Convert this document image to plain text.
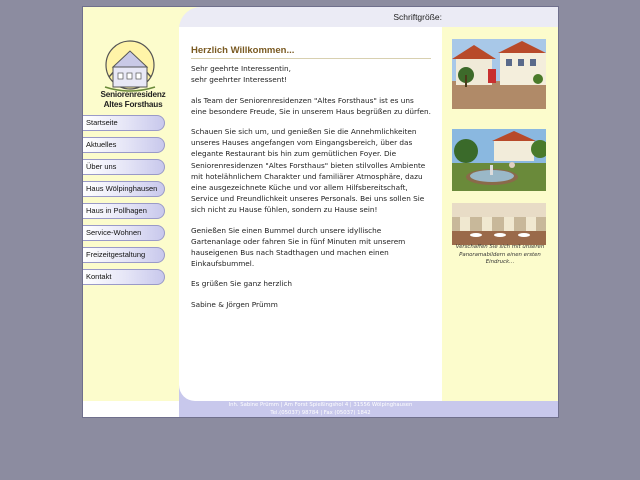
Seniorenresidenz
Altes Forsthaus
Startseite
Aktuelles
Über uns
Haus Wölpinghausen
Haus in Pollhagen
Service-Wohnen
Freizeitgestaltung
Kontakt
Schriftgröße:
Herzlich Willkommen...

Sehr geehrte Interessentin,
sehr geehrter Interessent!

als Team der Seniorenresidenzen "Altes Forsthaus" ist es uns eine besondere Freude, Sie in unserem Haus begrüßen zu dürfen.

Schauen Sie sich um, und genießen Sie die Annehmlichkeiten unseres Hauses angefangen vom Eingangsbereich, über das elegante Restaurant bis hin zum gemütlichen Foyer. Die Seniorenresidenzen "Altes Forsthaus" bieten stilvolles Ambiente mit hotelähnlichem Charakter und familiärer Atmosphäre, dazu eine ausgezeichnete Küche und vor allem Hilfsbereitschaft, Service und Freundlichkeit unseres Personals. Bei uns sollen Sie sich nicht zu Hause fühlen, sondern zu Hause sein!

Genießen Sie einen Bummel durch unsere idyllische Gartenanlage oder fahren Sie in fünf Minuten mit unserem hauseigenen Bus nach Stadthagen und machen einen Einkaufsbummel.

Es grüßen Sie ganz herzlich

Sabine & Jörgen Prümm

Verschaffen Sie sich mit unseren Panoramabildern einen ersten Eindruck...
Inh. Sabine Prümm | Am Forst Spießingshol 4 | 31556 Wölpinghausen
Tel.(05037) 98784 | Fax (05037) 1842
